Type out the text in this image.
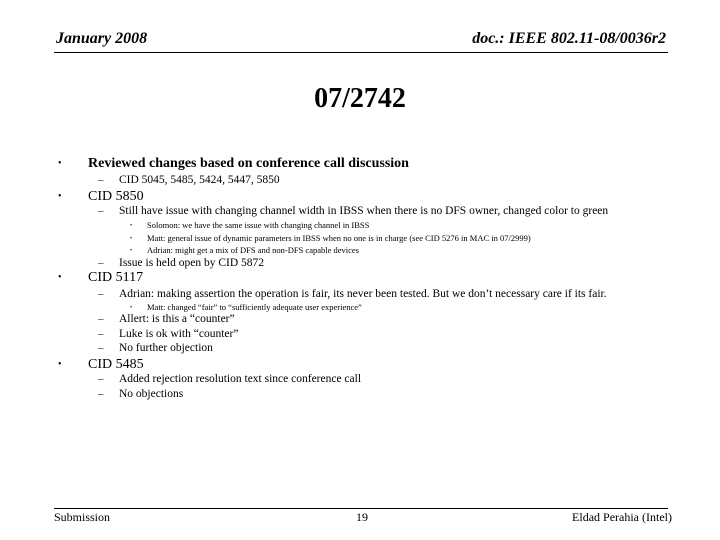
January 2008	doc.: IEEE 802.11-08/0036r2
07/2742
• Reviewed changes based on conference call discussion
– CID 5045, 5485, 5424, 5447, 5850
• CID 5850
– Still have issue with changing channel width in IBSS when there is no DFS owner, changed color to green
• Solomon: we have the same issue with changing channel in IBSS
• Matt: general issue of dynamic parameters in IBSS when no one is in charge (see CID 5276 in MAC in 07/2999)
• Adrian: might get a mix of DFS and non-DFS capable devices
– Issue is held open by CID 5872
• CID 5117
– Adrian: making assertion the operation is fair, its never been tested. But we don’t necessary care if its fair.
• Matt: changed “fair” to “sufficiently adequate user experience”
– Allert: is this a “counter”
– Luke is ok with “counter”
– No further objection
• CID 5485
– Added rejection resolution text since conference call
– No objections
Submission	19	Eldad Perahia (Intel)
